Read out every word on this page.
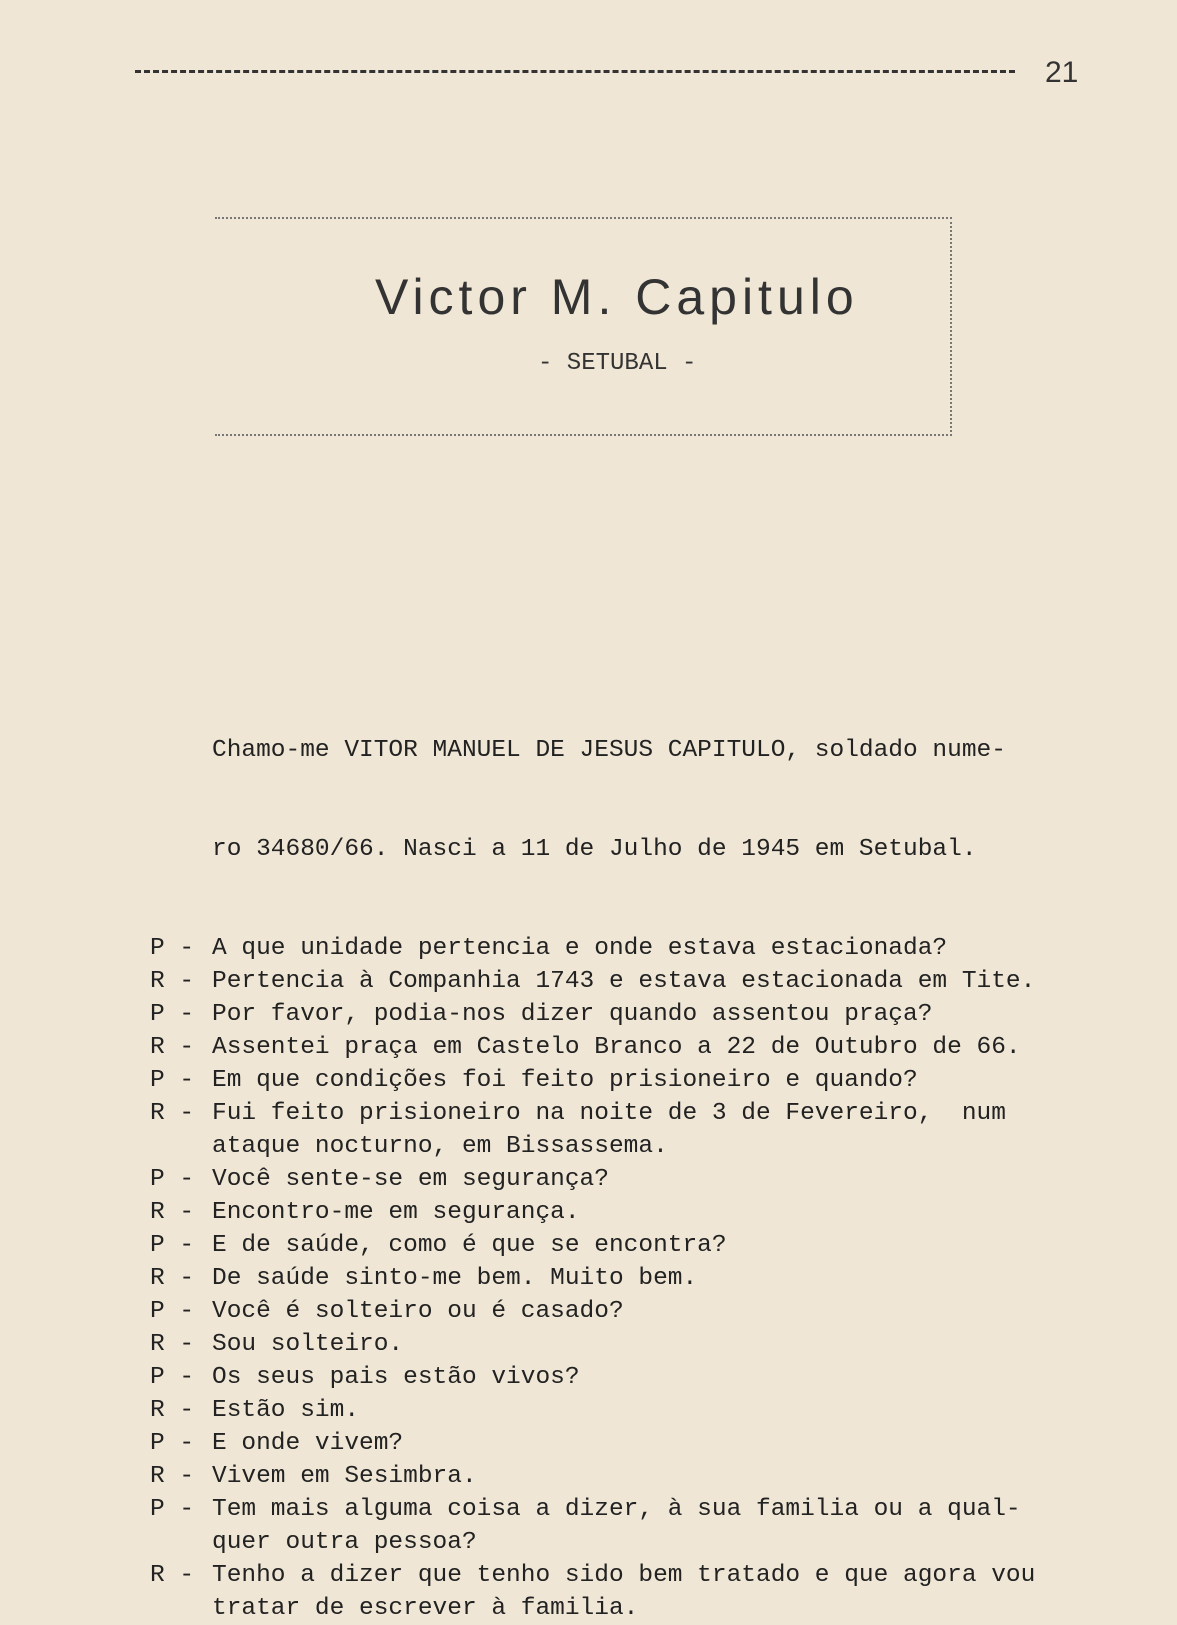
21
Victor M. Capitulo
- SETUBAL -

Chamo-me VITOR MANUEL DE JESUS CAPITULO, soldado nume-

ro 34680/66. Nasci a 11 de Julho de 1945 em Setubal.

P - A que unidade pertencia e onde estava estacionada?
R - Pertencia à Companhia 1743 e estava estacionada em Tite.
P - Por favor, podia-nos dizer quando assentou praça?
R - Assentei praça em Castelo Branco a 22 de Outubro de 66.
P - Em que condições foi feito prisioneiro e quando?
R - Fui feito prisioneiro na noite de 3 de Fevereiro,  num
ataque nocturno, em Bissassema.
P - Você sente-se em segurança?
R - Encontro-me em segurança.
P - E de saúde, como é que se encontra?
R - De saúde sinto-me bem. Muito bem.
P - Você é solteiro ou é casado?
R - Sou solteiro.
P - Os seus pais estão vivos?
R - Estão sim.
P - E onde vivem?
R - Vivem em Sesimbra.
P - Tem mais alguma coisa a dizer, à sua familia ou a qual-
quer outra pessoa?
R - Tenho a dizer que tenho sido bem tratado e que agora vou
tratar de escrever à familia.
